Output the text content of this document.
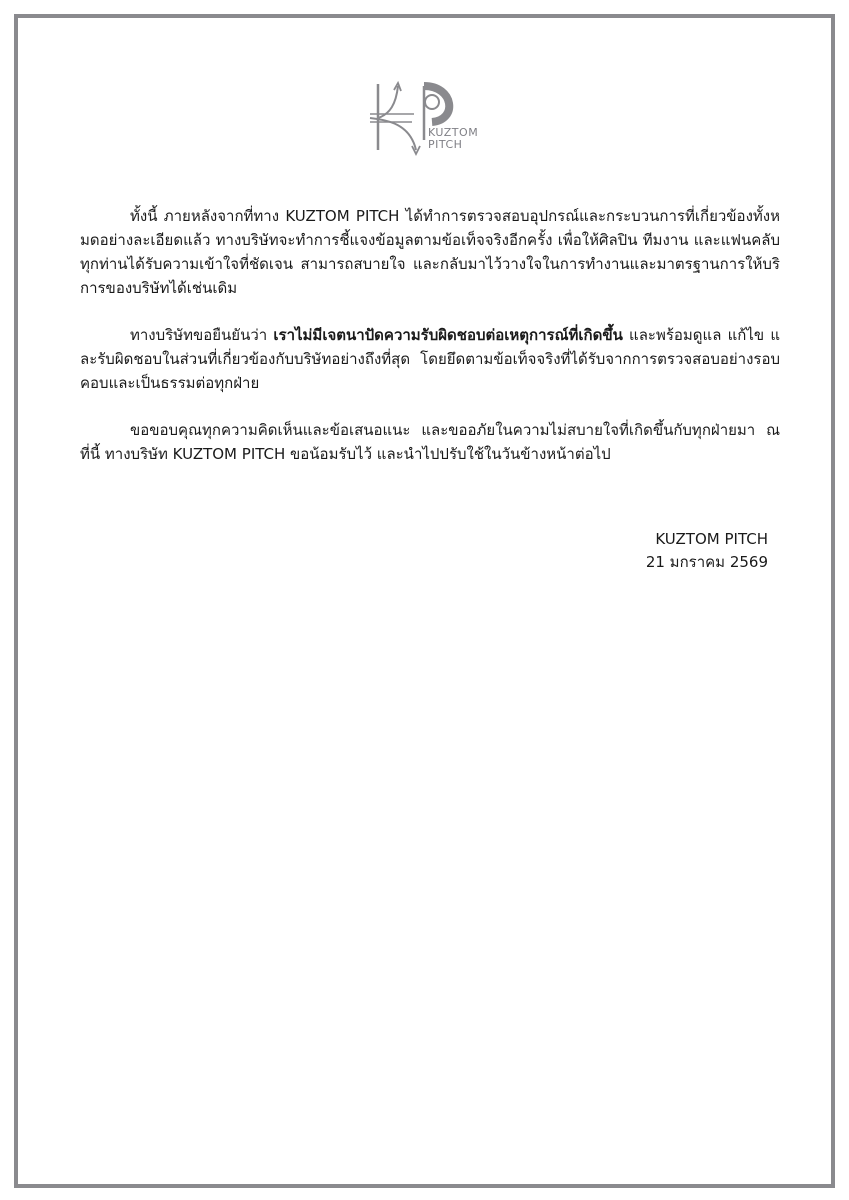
KUZTOM
PITCH

ทั้งนี้ ภายหลังจากที่ทาง KUZTOM PITCH ได้ทำการตรวจสอบอุปกรณ์และกระบวนการที่เกี่ยวข้องทั้งหมดอย่างละเอียดแล้ว ทางบริษัทจะทำการชี้แจงข้อมูลตามข้อเท็จจริงอีกครั้ง เพื่อให้ศิลปิน ทีมงาน และแฟนคลับทุกท่านได้รับความเข้าใจที่ชัดเจน สามารถสบายใจ และกลับมาไว้วางใจในการทำงานและมาตรฐานการให้บริการของบริษัทได้เช่นเดิม

ทางบริษัทขอยืนยันว่า เราไม่มีเจตนาปัดความรับผิดชอบต่อเหตุการณ์ที่เกิดขึ้น และพร้อมดูแล แก้ไข และรับผิดชอบในส่วนที่เกี่ยวข้องกับบริษัทอย่างถึงที่สุด โดยยึดตามข้อเท็จจริงที่ได้รับจากการตรวจสอบอย่างรอบคอบและเป็นธรรมต่อทุกฝ่าย

ขอขอบคุณทุกความคิดเห็นและข้อเสนอแนะ และขออภัยในความไม่สบายใจที่เกิดขึ้นกับทุกฝ่ายมา ณ ที่นี้ ทางบริษัท KUZTOM PITCH ขอน้อมรับไว้ และนำไปปรับใช้ในวันข้างหน้าต่อไป

KUZTOM PITCH
21 มกราคม 2569
